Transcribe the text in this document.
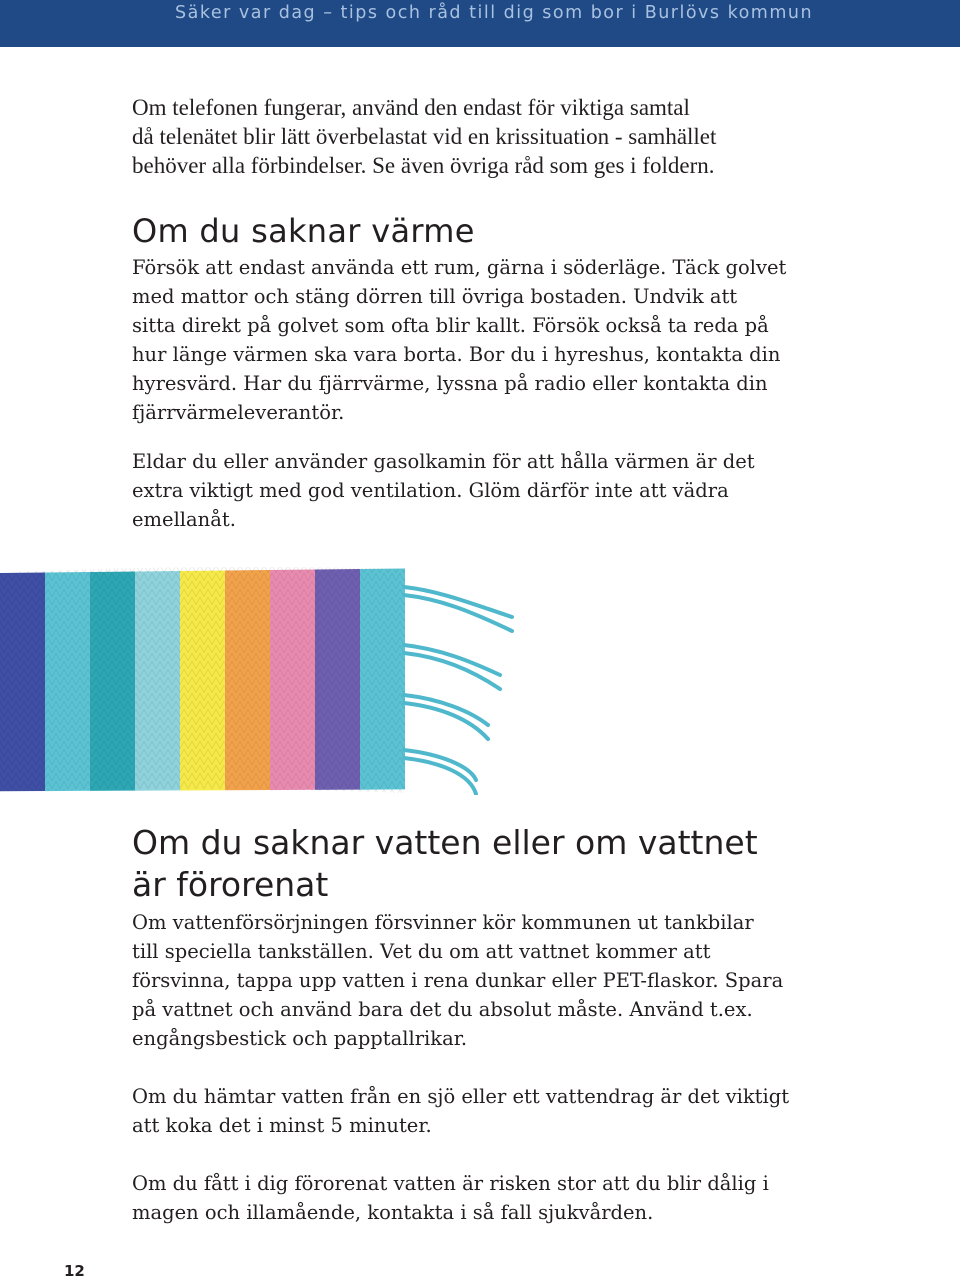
Säker var dag – tips och råd till dig som bor i Burlövs kommun
Om telefonen fungerar, använd den endast för viktiga samtal
då telenätet blir lätt överbelastat vid en krissituation - samhället
behöver alla förbindelser. Se även övriga råd som ges i foldern.
Om du saknar värme
Försök att endast använda ett rum, gärna i söderläge. Täck golvet
med mattor och stäng dörren till övriga bostaden. Undvik att
sitta direkt på golvet som ofta blir kallt. Försök också ta reda på
hur länge värmen ska vara borta. Bor du i hyreshus, kontakta din
hyresvärd. Har du fjärrvärme, lyssna på radio eller kontakta din
fjärrvärmeleverantör.
Eldar du eller använder gasolkamin för att hålla värmen är det
extra viktigt med god ventilation. Glöm därför inte att vädra
emellanåt.
Om du saknar vatten eller om vattnet
är förorenat
Om vattenförsörjningen försvinner kör kommunen ut tankbilar
till speciella tankställen. Vet du om att vattnet kommer att
försvinna, tappa upp vatten i rena dunkar eller PET-flaskor. Spara
på vattnet och använd bara det du absolut måste. Använd t.ex.
engångsbestick och papptallrikar.
Om du hämtar vatten från en sjö eller ett vattendrag är det viktigt
att koka det i minst 5 minuter.
Om du fått i dig förorenat vatten är risken stor att du blir dålig i
magen och illamående, kontakta i så fall sjukvården.
12
